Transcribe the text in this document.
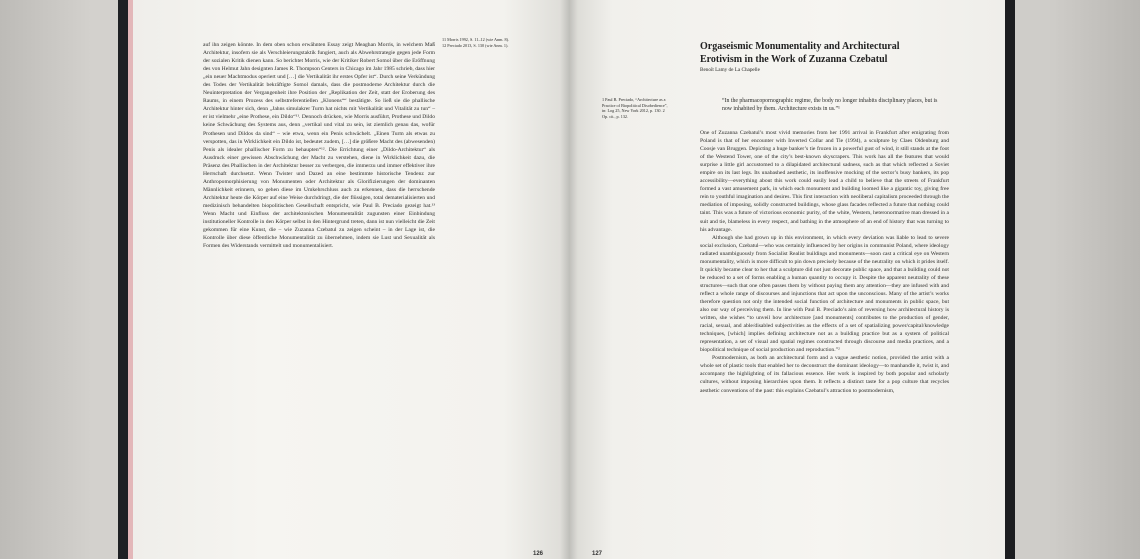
auf ihn zeigen könnte. In dem oben schon erwähnten Essay zeigt Meaghan Morris, in welchem Maß Architektur, insofern sie als Verschleierungstaktik fungiert, auch als Abwehrstrategie gegen jede Form der sozialen Kritik dienen kann. So berichtet Morris, wie der Kritiker Robert Somol über die Eröffnung des von Helmut Jahn designten James R. Thompson Centers in Chicago im Jahr 1985 schrieb, dass hier „ein neuer Machtmodus operiert und […] die Vertikalität ihr erstes Opfer ist“. Durch seine Verkündung des Todes der Vertikalität bekräftigte Somol damals, dass die postmoderne Architektur durch die Neuinterpretation der Vergangenheit ihre Position der „Replikation der Zeit, statt der Eroberung des Raums, in einem Prozess des selbstreferentiellen „Klonens““ bestätigte. So ließ sie die phallische Architektur hinter sich, denn „Jahns simulakrer Turm hat nichts mit Vertikalität und Vitalität zu tun“ – er ist vielmehr „eine Prothese, ein Dildo“¹¹. Dennoch drücken, wie Morris ausführt, Prothese und Dildo keine Schwächung des Systems aus, denn „vertikal und vital zu sein, ist ziemlich genau das, wofür Prothesen und Dildos da sind“ – wie etwa, wenn ein Penis schwächelt. „Einen Turm als etwas zu verspotten, das in Wirklichkeit ein Dildo ist, bedeutet zudem, […] die größere Macht des (abwesenden) Penis als idealer phallischer Form zu behaupten“¹². Die Errichtung einer „Dildo-Architektur“ als Ausdruck einer gewissen Abschwächung der Macht zu verstehen, diene in Wirklichkeit dazu, die Präsenz des Phallischen in der Architektur besser zu verbergen, die immerzu und immer effektiver ihre Herrschaft durchsetzt. Wenn Twister und Dazed an eine bestimmte historische Tendenz zur Anthropomorphisierung von Monumenten oder Architektur als Glorifizierungen der dominanten Männlichkeit erinnern, so gehen diese im Umkehrschluss auch zu erkennen, dass die herrschende Architektur heute die Körper auf eine Weise durchdringt, die der flüssigen, total dematerialisierten und medizinisch behandelten biopolitischen Gesellschaft entspricht, wie Paul B. Preciado gezeigt hat.¹³ Wenn Macht und Einfluss der architektonischen Monumentalität zugunsten einer Einbindung institutioneller Kontrolle in den Körper selbst in den Hintergrund treten, dann ist nun vielleicht die Zeit gekommen für eine Kunst, die – wie Zuzanna Czebatul zu zeigen scheint – in der Lage ist, die Kontrolle über diese öffentliche Monumentalität zu übernehmen, indem sie Lust und Sexualität als Formen des Widerstands vermittelt und monumentalisiert.

11 Morris 1992, S. 11–12 (wie Anm. 8).
12 Preciado 2013, S. 130 (wie Anm. 1).
126
Orgaseismic Monumentality and Architectural
Erotivism in the Work of Zuzanna Czebatul
Benoît Lamy de La Chapelle
1 Paul B. Preciado, “Architecture as a Practice of Biopolitical Disobedience”, in: Log 25, New York 2012, p. 130. 2 Op. cit., p. 132.
“In the pharmacopornographic regime, the body no longer inhabits disciplinary places, but is now inhabited by them. Architecture exists in us.”¹

One of Zuzanna Czebatul’s most vivid memories from her 1991 arrival in Frankfurt after emigrating from Poland is that of her encounter with Inverted Collar and Tie (1994), a sculpture by Claes Oldenburg and Coosje van Bruggen. Depicting a huge banker’s tie frozen in a powerful gust of wind, it still stands at the foot of the Westend Tower, one of the city’s best-known skyscrapers. This work has all the features that would surprise a little girl accustomed to a dilapidated architectural sadness, such as that which reflected a Soviet empire on its last legs. Its unabashed aesthetic, its inoffensive mocking of the sector’s busy bankers, its pop accessibility—everything about this work could easily lead a child to believe that the streets of Frankfurt formed a vast amusement park, in which each monument and building loomed like a gigantic toy, giving free rein to youthful imagination and desires. This first interaction with neoliberal capitalism proceeded through the mediation of imposing, solidly constructed buildings, whose glass facades reflected a future that nothing could taint. This was a future of victorious economic purity, of the white, Western, heteronormative man dressed in a suit and tie, blameless in every respect, and bathing in the atmosphere of an end of history that was turning to his advantage.

Although she had grown up in this environment, in which every deviation was liable to lead to severe social exclusion, Czebatul—who was certainly influenced by her origins in communist Poland, where ideology radiated unambiguously from Socialist Realist buildings and monuments—soon cast a critical eye on Western monumentality, which is more difficult to pin down precisely because of the neutrality on which it prides itself. It quickly became clear to her that a sculpture did not just decorate public space, and that a building could not be reduced to a set of forms enabling a human quantity to occupy it. Despite the apparent neutrality of these structures—such that one often passes them by without paying them any attention—they are infused with and reflect a whole range of discourses and injunctions that act upon the unconscious. Many of the artist’s works therefore question not only the intended social function of architecture and monuments in public space, but also our way of perceiving them. In line with Paul B. Preciado’s aim of reversing how architectural history is written, she wishes “to unveil how architecture [and monuments] contributes to the production of gender, racial, sexual, and able/disabled subjectivities as the effects of a set of spatializing power/capital/knowledge techniques, [which] implies defining architecture not as a building practice but as a system of political representation, a set of visual and spatial regimes constructed through discourse and media practices, and a biopolitical technique of social production and reproduction.”²

Postmodernism, as both an architectural form and a vague aesthetic notion, provided the artist with a whole set of plastic tools that enabled her to deconstruct the dominant ideology—to manhandle it, twist it, and accompany the highlighting of its fallacious essence. Her work is inspired by both popular and scholarly cultures, without imposing hierarchies upon them. It reflects a distinct taste for a pop culture that recycles aesthetic conventions of the past: this explains Czebatul’s attraction to postmodernism,

127
